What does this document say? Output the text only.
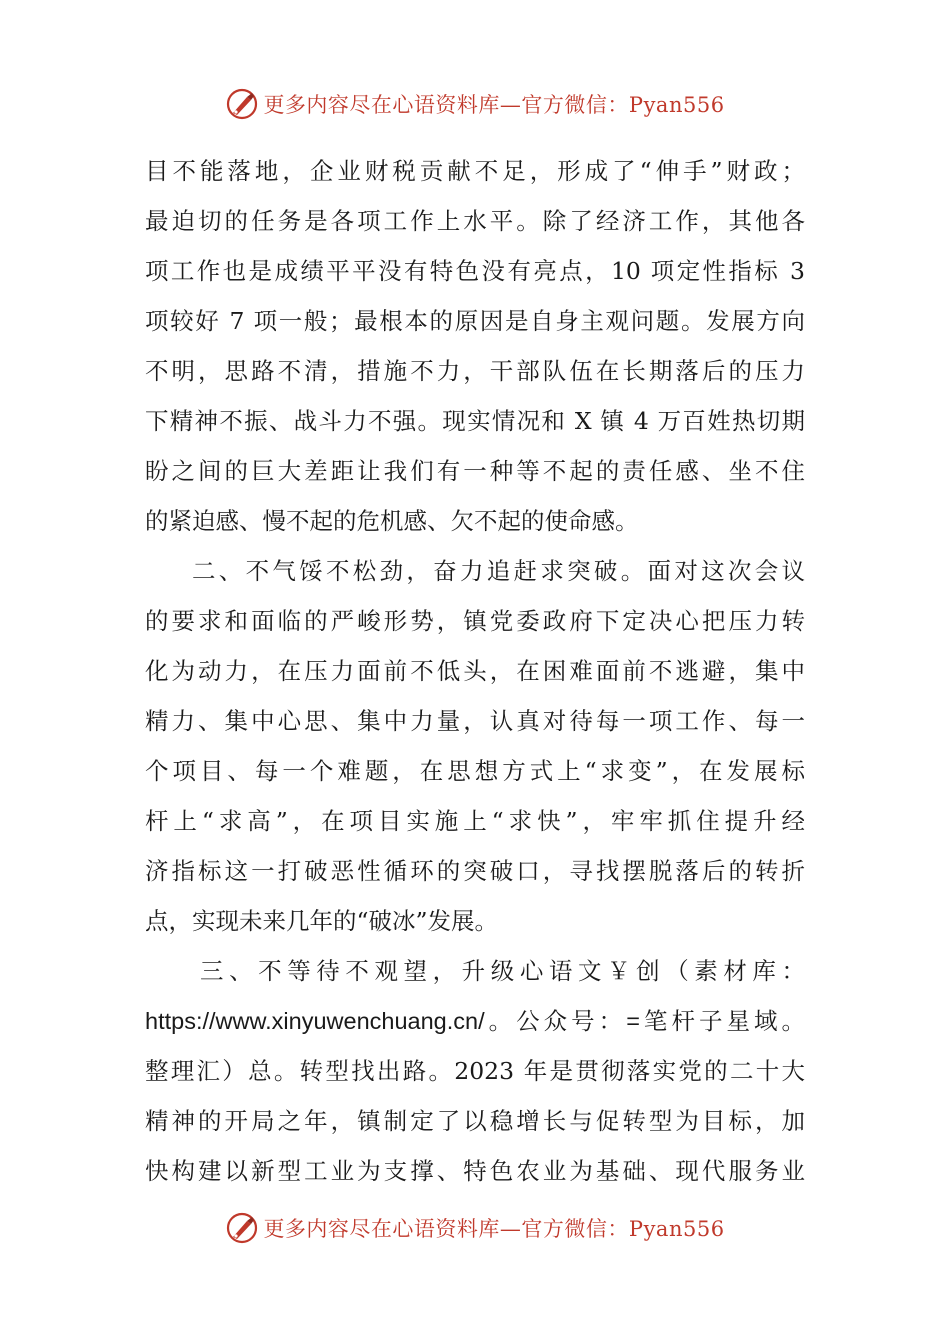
更多内容尽在心语资料库—官方微信：Pyan556
目不能落地，企业财税贡献不足，形成了“伸手”财政；
最迫切的任务是各项工作上水平。除了经济工作，其他各
项工作也是成绩平平没有特色没有亮点，10 项定性指标 3
项较好 7 项一般；最根本的原因是自身主观问题。发展方向
不明，思路不清，措施不力，干部队伍在长期落后的压力
下精神不振、战斗力不强。现实情况和 X 镇 4 万百姓热切期
盼之间的巨大差距让我们有一种等不起的责任感、坐不住
的紧迫感、慢不起的危机感、欠不起的使命感。
二、不气馁不松劲，奋力追赶求突破。面对这次会议
的要求和面临的严峻形势，镇党委政府下定决心把压力转
化为动力，在压力面前不低头，在困难面前不逃避，集中
精力、集中心思、集中力量，认真对待每一项工作、每一
个项目、每一个难题，在思想方式上“求变”，在发展标
杆上“求高”，在项目实施上“求快”，牢牢抓住提升经
济指标这一打破恶性循环的突破口，寻找摆脱落后的转折
点，实现未来几年的“破冰”发展。
三、不等待不观望，升级心语文￥创（素材库：
https://www.xinyuwenchuang.cn/。公众号：=笔杆子星域。
整理汇）总。转型找出路。2023 年是贯彻落实党的二十大
精神的开局之年，镇制定了以稳增长与促转型为目标，加
快构建以新型工业为支撑、特色农业为基础、现代服务业
更多内容尽在心语资料库—官方微信：Pyan556
